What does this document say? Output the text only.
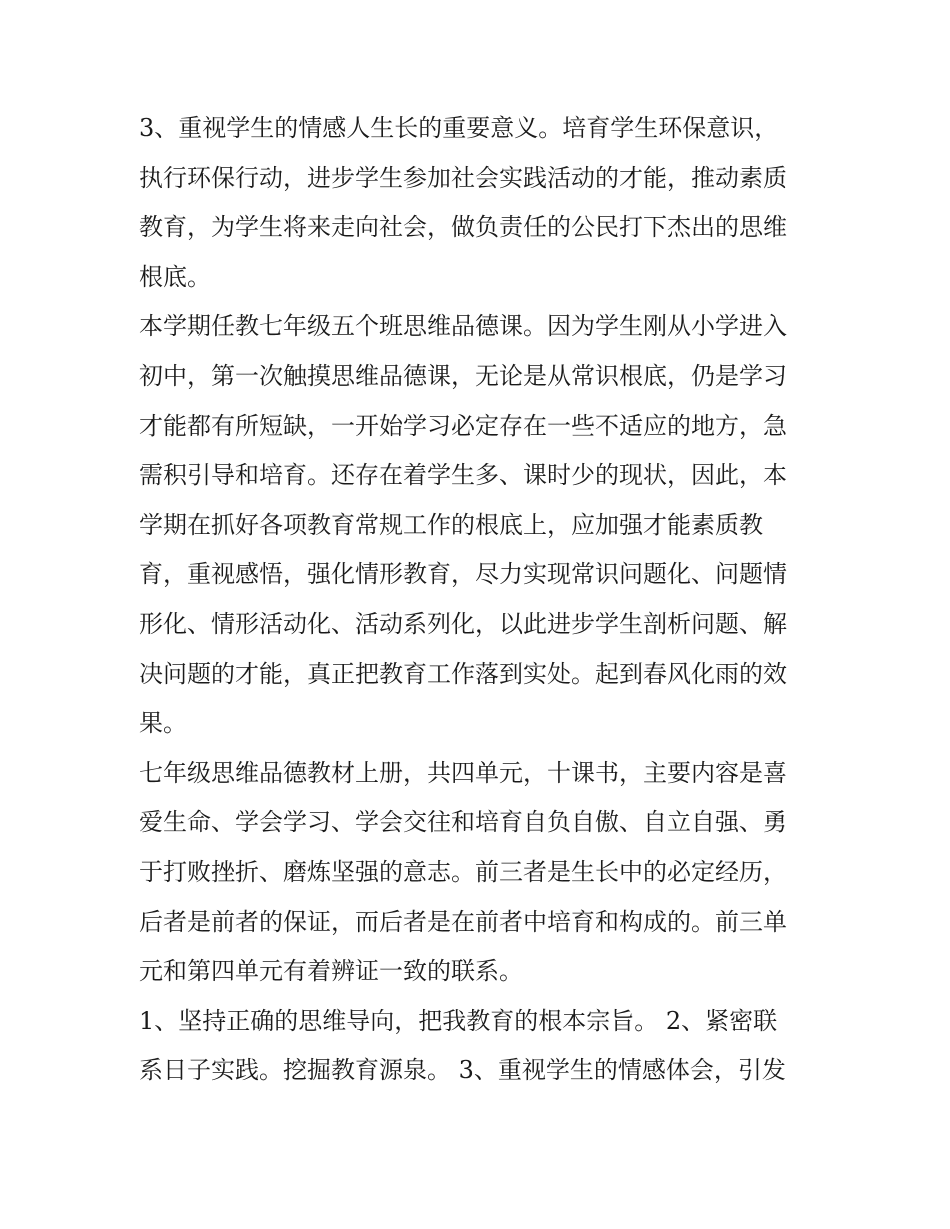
3、重视学生的情感人生长的重要意义。培育学生环保意识，
执行环保行动，进步学生参加社会实践活动的才能，推动素质
教育，为学生将来走向社会，做负责任的公民打下杰出的思维
根底。
本学期任教七年级五个班思维品德课。因为学生刚从小学进入
初中，第一次触摸思维品德课，无论是从常识根底，仍是学习
才能都有所短缺，一开始学习必定存在一些不适应的地方，急
需积引导和培育。还存在着学生多、课时少的现状，因此，本
学期在抓好各项教育常规工作的根底上，应加强才能素质教
育，重视感悟，强化情形教育，尽力实现常识问题化、问题情
形化、情形活动化、活动系列化，以此进步学生剖析问题、解
决问题的才能，真正把教育工作落到实处。起到春风化雨的效
果。
七年级思维品德教材上册，共四单元，十课书，主要内容是喜
爱生命、学会学习、学会交往和培育自负自傲、自立自强、勇
于打败挫折、磨炼坚强的意志。前三者是生长中的必定经历，
后者是前者的保证，而后者是在前者中培育和构成的。前三单
元和第四单元有着辨证一致的联系。
1、坚持正确的思维导向，把我教育的根本宗旨。 2、紧密联
系日子实践。挖掘教育源泉。 3、重视学生的情感体会，引发
